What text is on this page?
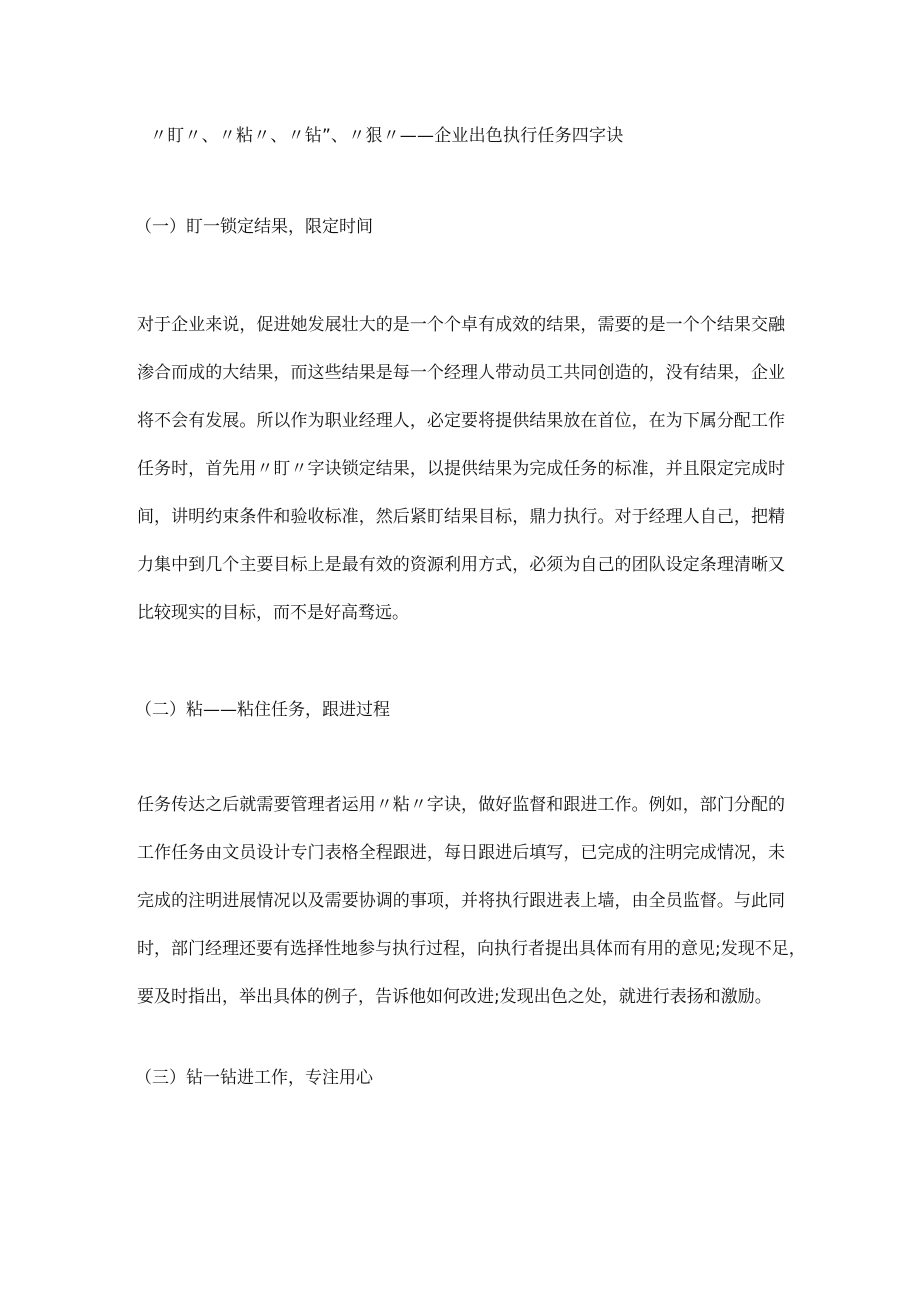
〃盯〃、〃粘〃、〃钻”、〃狠〃——企业出色执行任务四字诀
（一）盯一锁定结果，限定时间
对于企业来说，促进她发展壮大的是一个个卓有成效的结果，需要的是一个个结果交融
渗合而成的大结果，而这些结果是每一个经理人带动员工共同创造的，没有结果，企业
将不会有发展。所以作为职业经理人，必定要将提供结果放在首位，在为下属分配工作
任务时，首先用〃盯〃字诀锁定结果，以提供结果为完成任务的标准，并且限定完成时
间，讲明约束条件和验收标准，然后紧盯结果目标，鼎力执行。对于经理人自己，把精
力集中到几个主要目标上是最有效的资源利用方式，必须为自己的团队设定条理清晰又
比较现实的目标，而不是好高骛远。
（二）粘——粘住任务，跟进过程
任务传达之后就需要管理者运用〃粘〃字诀，做好监督和跟进工作。例如，部门分配的
工作任务由文员设计专门表格全程跟进，每日跟进后填写，已完成的注明完成情况，未
完成的注明进展情况以及需要协调的事项，并将执行跟进表上墙，由全员监督。与此同
时，部门经理还要有选择性地参与执行过程，向执行者提出具体而有用的意见;发现不足，
要及时指出，举出具体的例子，告诉他如何改进;发现出色之处，就进行表扬和激励。
（三）钻一钻进工作，专注用心
